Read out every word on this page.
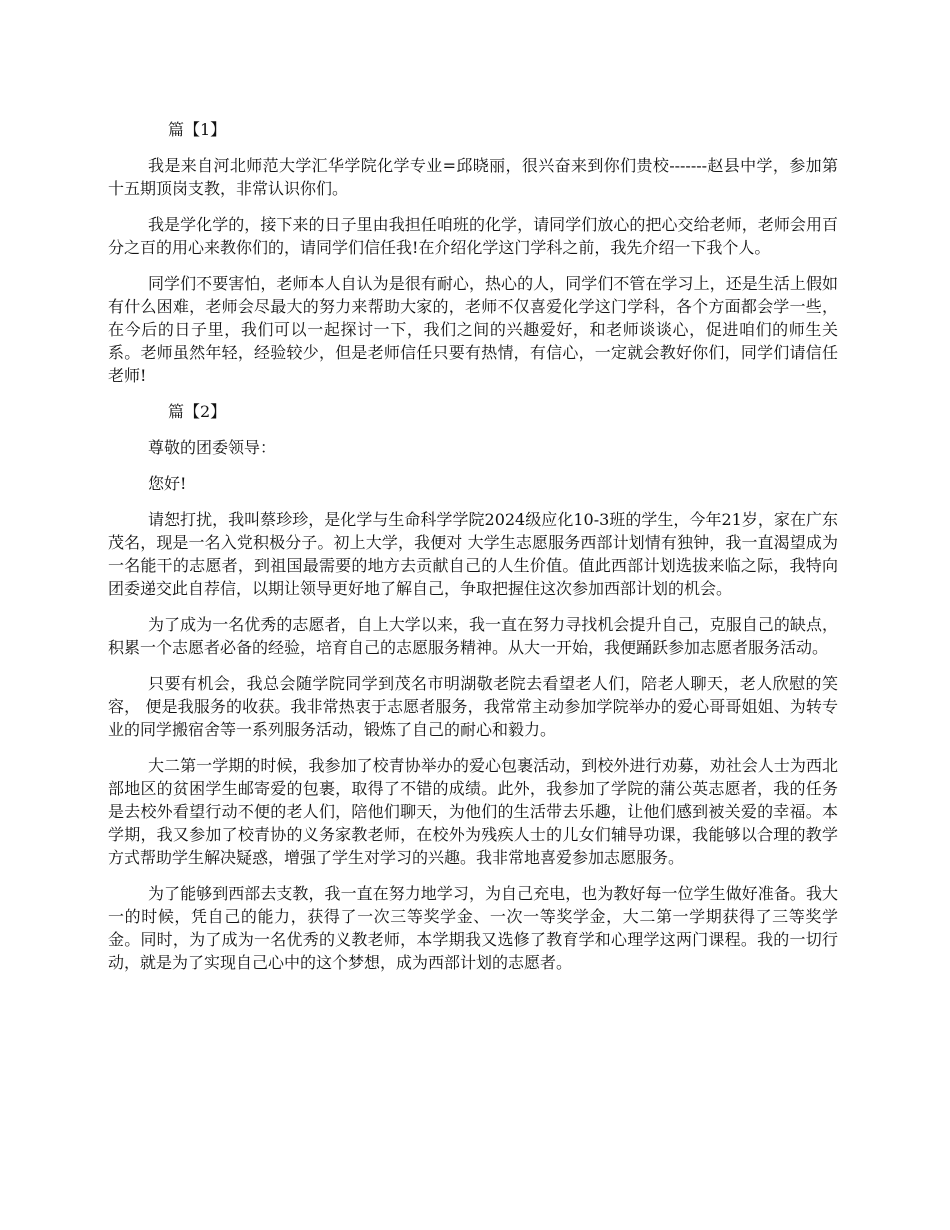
篇【1】

我是来自河北师范大学汇华学院化学专业=邱晓丽，很兴奋来到你们贵校-------赵县中学，参加第十五期顶岗支教，非常认识你们。

我是学化学的，接下来的日子里由我担任咱班的化学，请同学们放心的把心交给老师，老师会用百分之百的用心来教你们的，请同学们信任我!在介绍化学这门学科之前，我先介绍一下我个人。

同学们不要害怕，老师本人自认为是很有耐心，热心的人，同学们不管在学习上，还是生活上假如有什么困难，老师会尽最大的努力来帮助大家的，老师不仅喜爱化学这门学科，各个方面都会学一些，在今后的日子里，我们可以一起探讨一下，我们之间的兴趣爱好，和老师谈谈心，促进咱们的师生关系。老师虽然年轻，经验较少，但是老师信任只要有热情，有信心，一定就会教好你们，同学们请信任老师!

篇【2】

尊敬的团委领导：

您好!

请恕打扰，我叫蔡珍珍，是化学与生命科学学院2024级应化10-3班的学生，今年21岁，家在广东茂名，现是一名入党积极分子。初上大学，我便对 大学生志愿服务西部计划情有独钟，我一直渴望成为一名能干的志愿者，到祖国最需要的地方去贡献自己的人生价值。值此西部计划选拔来临之际，我特向团委递交此自荐信，以期让领导更好地了解自己，争取把握住这次参加西部计划的机会。

为了成为一名优秀的志愿者，自上大学以来，我一直在努力寻找机会提升自己，克服自己的缺点，积累一个志愿者必备的经验，培育自己的志愿服务精神。从大一开始，我便踊跃参加志愿者服务活动。

只要有机会，我总会随学院同学到茂名市明湖敬老院去看望老人们，陪老人聊天，老人欣慰的笑容， 便是我服务的收获。我非常热衷于志愿者服务，我常常主动参加学院举办的爱心哥哥姐姐、为转专业的同学搬宿舍等一系列服务活动，锻炼了自己的耐心和毅力。

大二第一学期的时候，我参加了校青协举办的爱心包裹活动，到校外进行劝募，劝社会人士为西北部地区的贫困学生邮寄爱的包裹，取得了不错的成绩。此外，我参加了学院的蒲公英志愿者，我的任务是去校外看望行动不便的老人们，陪他们聊天，为他们的生活带去乐趣，让他们感到被关爱的幸福。本学期，我又参加了校青协的义务家教老师，在校外为残疾人士的儿女们辅导功课，我能够以合理的教学方式帮助学生解决疑惑，增强了学生对学习的兴趣。我非常地喜爱参加志愿服务。

为了能够到西部去支教，我一直在努力地学习，为自己充电，也为教好每一位学生做好准备。我大一的时候，凭自己的能力，获得了一次三等奖学金、一次一等奖学金，大二第一学期获得了三等奖学金。同时，为了成为一名优秀的义教老师，本学期我又选修了教育学和心理学这两门课程。我的一切行动，就是为了实现自己心中的这个梦想，成为西部计划的志愿者。
